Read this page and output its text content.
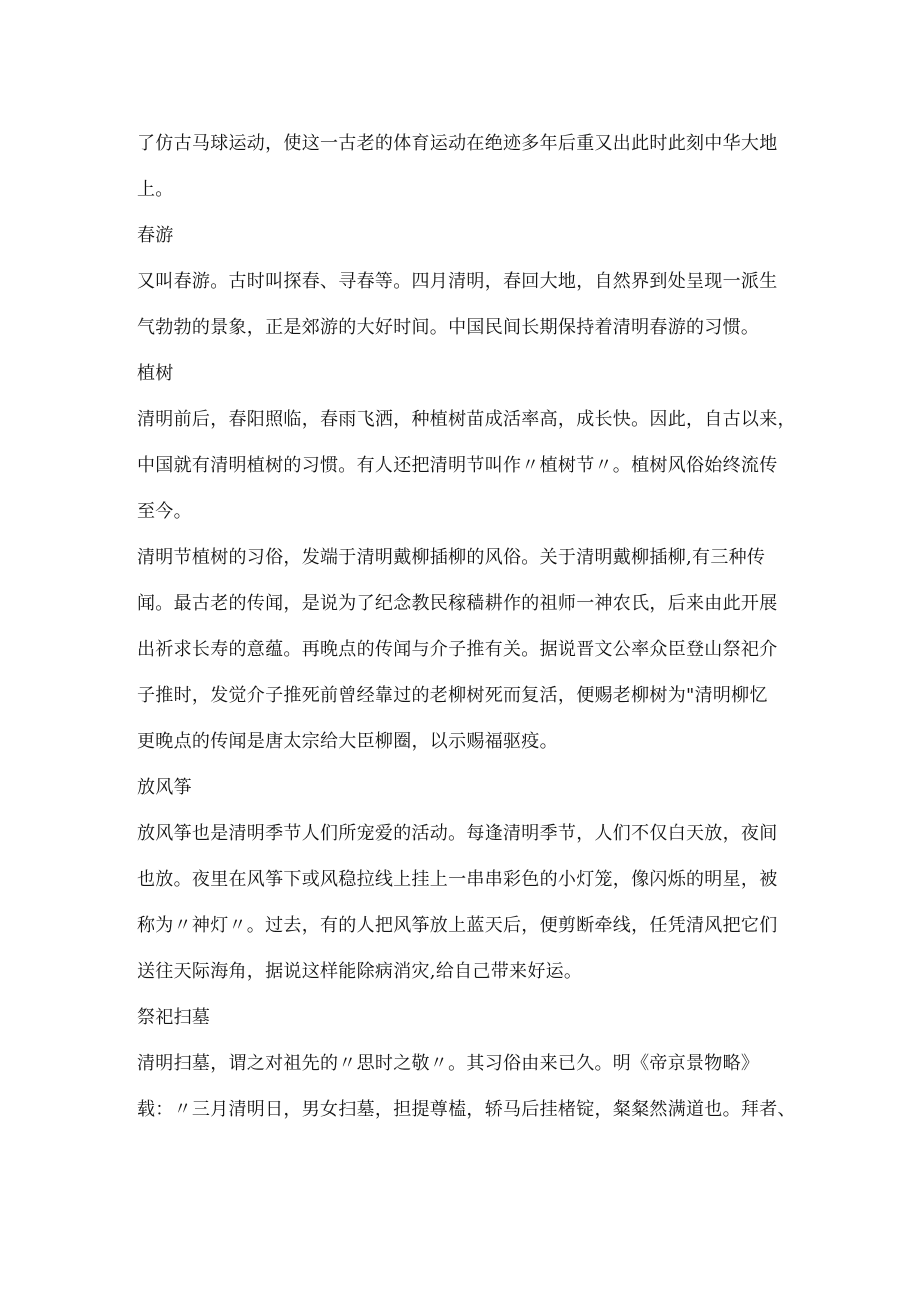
了仿古马球运动，使这一古老的体育运动在绝迹多年后重又出此时此刻中华大地
上。
春游
又叫春游。古时叫探春、寻春等。四月清明，春回大地，自然界到处呈现一派生
气勃勃的景象，正是郊游的大好时间。中国民间长期保持着清明春游的习惯。
植树
清明前后，春阳照临，春雨飞洒，种植树苗成活率高，成长快。因此，自古以来，
中国就有清明植树的习惯。有人还把清明节叫作〃植树节〃。植树风俗始终流传
至今。
清明节植树的习俗，发端于清明戴柳插柳的风俗。关于清明戴柳插柳,有三种传
闻。最古老的传闻，是说为了纪念教民稼穑耕作的祖师一神农氏，后来由此开展
出祈求长寿的意蕴。再晚点的传闻与介子推有关。据说晋文公率众臣登山祭祀介
子推时，发觉介子推死前曾经靠过的老柳树死而复活，便赐老柳树为"清明柳忆
更晚点的传闻是唐太宗给大臣柳圈，以示赐福驱疫。
放风筝
放风筝也是清明季节人们所宠爱的活动。每逢清明季节，人们不仅白天放，夜间
也放。夜里在风筝下或风稳拉线上挂上一串串彩色的小灯笼，像闪烁的明星，被
称为〃神灯〃。过去，有的人把风筝放上蓝天后，便剪断牵线，任凭清风把它们
送往天际海角，据说这样能除病消灾,给自己带来好运。
祭祀扫墓
清明扫墓，谓之对祖先的〃思时之敬〃。其习俗由来已久。明《帝京景物略》
载：〃三月清明日，男女扫墓，担提尊榼，轿马后挂楮锭，粲粲然满道也。拜者、
